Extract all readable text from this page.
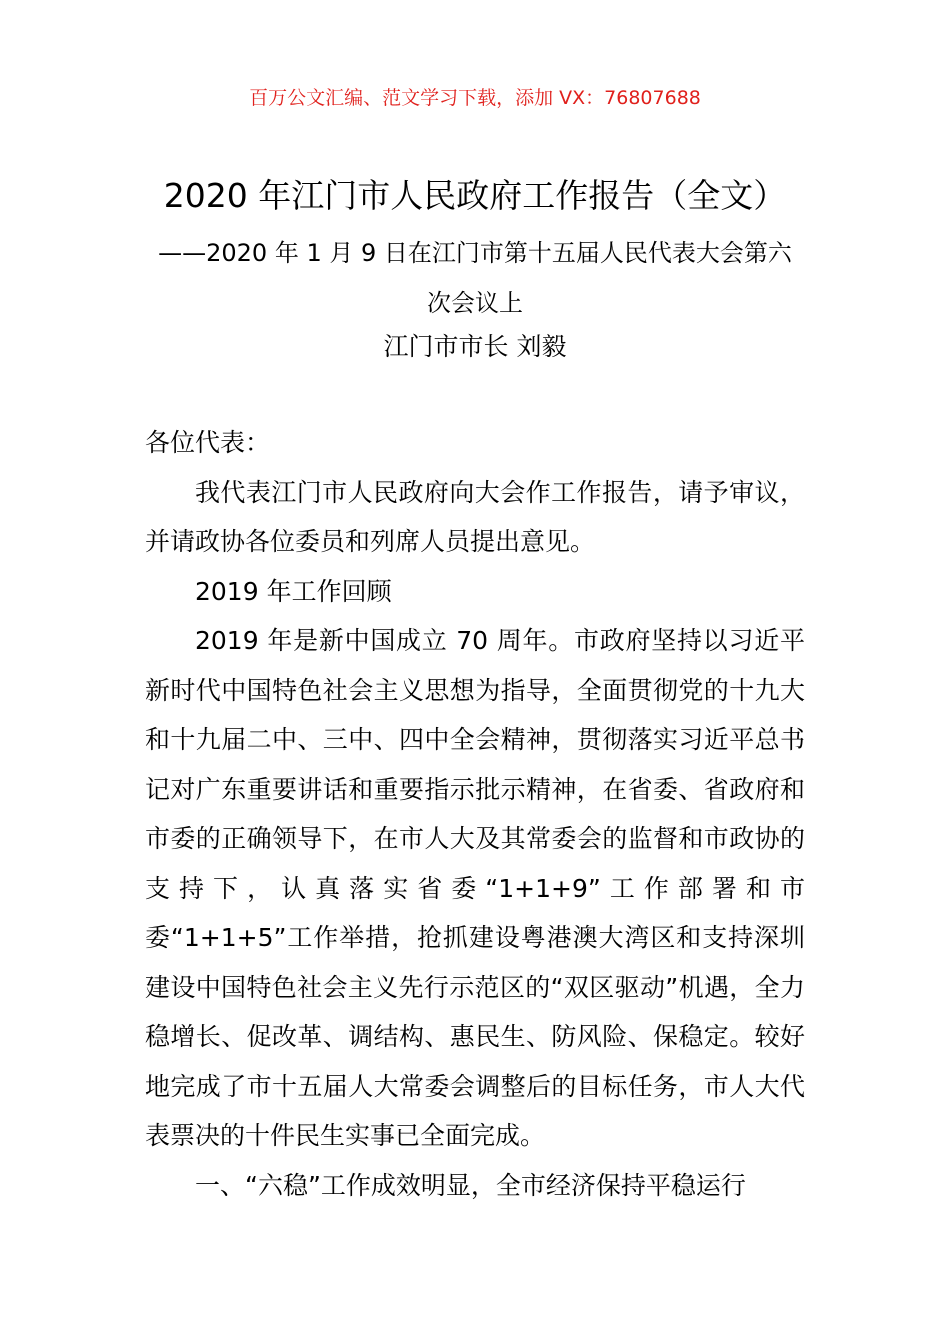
百万公文汇编、范文学习下载，添加 VX：76807688
2020 年江门市人民政府工作报告（全文）
——2020 年 1 月 9 日在江门市第十五届人民代表大会第六次会议上
江门市市长 刘毅

各位代表：

我代表江门市人民政府向大会作工作报告，请予审议，并请政协各位委员和列席人员提出意见。

2019 年工作回顾

2019 年是新中国成立 70 周年。市政府坚持以习近平新时代中国特色社会主义思想为指导，全面贯彻党的十九大和十九届二中、三中、四中全会精神，贯彻落实习近平总书记对广东重要讲话和重要指示批示精神，在省委、省政府和市委的正确领导下，在市人大及其常委会的监督和市政协的支持下，认真落实省委“1+1+9”工作部署和市委“1+1+5”工作举措，抢抓建设粤港澳大湾区和支持深圳建设中国特色社会主义先行示范区的“双区驱动”机遇，全力稳增长、促改革、调结构、惠民生、防风险、保稳定。较好地完成了市十五届人大常委会调整后的目标任务，市人大代表票决的十件民生实事已全面完成。

一、“六稳”工作成效明显，全市经济保持平稳运行
